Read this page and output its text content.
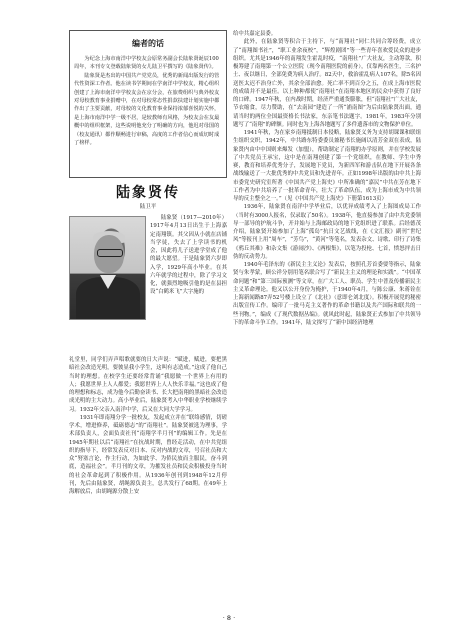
编者的话

为纪念上海市南洋中学校友会原常务副会长陆象贤诞辰100周年，本刊专文登载陆象贤的女儿陆卫平撰写的《陆象贤传》。

陆象贤是杰出的中国共产党党员，优秀的新闻出版发行的管代性资深工作者。他在读书学期间在学南洋中学校友，精心组织创建了上海市南洋中学校友会在京分会，在旅费组织与典外校友对母校教育事业捐赠中，在对母校常态性捐款扶建计划实施中都作出了主要贡献，对母校的文化教育事业保持浓郁喜悦的关怀，是上海市南洋中学一级不居，是较教师有风格，为校友会在友最概中的组织框架，这些说明他充分了明确的方向，他迟对母国的（校友通讯）都作顺畅进行审稿，高度的工作者信心而成切时成了榜样。

陆象贤传
陆卫平

陆象贤（1917—2010年）1917年4月13日出生于上海嘉定南翔镇。其父因从小就在店铺当学徒，失去了上学读书的机会，因此将儿子送进学堂成了他的最大愿望。于是陆象贤六岁即入学，1929年高小毕业。在其六年就学的过程中，除了学习文化，就强烈地吸引他的是在县担设“白鹤米飞”大字施的

礼堂里，同学们弄声唱歌就要的日大声说：“赋进，赋进，要把黑暗社会改造光明，要彼显我小学生，这叫有志造成。”这成了他自己当时的理想。在校学生还要经常背诵“我愿做一个世界上有用的人；我愿世界上人人都爱；我愿世界上人人快乐幸福。”这也成了他的理想和标志，成为他今后勤奋读书、长大把南翔的黑暗社会改造成光明的主大动力。高小毕业后，陆象贤考入中华职业学校继续学习。1932年父亲入南洋中学，后又在大同大学学习。

1931年即南翔分学一批校友，发起成立并在“联络感情，切磋学术，增进修养，砥砺德志”的“南翔社”。陆象贤被选为理事，学术部负责人，会面负责社刊“南翔学半月刊”的编辑工作。先是在1945年期社以后“南翔社”在抗战时期，曾经走活动，在中共党组织的指导下，经常发表反对日本、反对内战的文章，号召社员和大众“努塞言论，作主行动，为如此学、为侨民放而主服民，奋斗到底，造福社会”。半月刊的文章，为摧发社员和民众积极投身当时的社会革命起到了积极作用。从1936年创刊到1948年12月停刊，先后由陆象贤，胡绳源负责主，总共发行了68期。在49年上海解放后，由胡绳源分散上安

给中共嘉定县委。

此外，在陆象贤等积合于主持下，与“南翔社”同仁共同合筹经费，成立了“南翔图书社”，“职工业余夜校”，“辉煌剧团”等一些青年喜欢爱民众的进步组织。尤其是1946年的南翔发生霍乱时疫，“南翔社”广大社友，主动筹款，积极筹建了南翔第一个公立医院（现今南翔医院的前身），仅靠两名医生，三名护士、夜以继日，全部免费为病人治疗。82天中，救治霍乱病人107名，除5名因送医太迟不治身亡外，其余全部治愈。死亡率不到百分之五，在成上海市医院的成绩并不是最佳。以上种种都使“南翔社”在南翔本地区的民众中获得了良好的口碑。1947年秋，在内战时期，经济严重通货膨胀，但“南翔社”广大社友，节衣缩食，尽力赞助，在“去南园”建造了一所“浦南图”为后由陆象贤出面，通请当时的两位全国最资格长书法家，东亲笔书法题字。1981年，1983年分别题写了“南翔”的碑额。同时也为上海各地题写了多件遗落市的文物保护单位。

1941年秋，为在家乡南翔抵制日本侵略，陆象贤义务为支持胡课课和联组生组织交织，1942年，中共路东特委委员兼秘书长施阔以清芳金双在表成，陆象贤内由中中国则来爆发（加盟），帮助制定了南翔的办学原则，并在学校发展了中共党员王承宝，这中是在南翔创建了第一个党组织，在教师、学生中秀赛，教育和培养优秀分子，发展地下党员，为新四军和游击队在地下开展各条战线输送了一大批优秀的中共党员和先进青年。正如1998年出版的由中共上海市委党史研究室所著《中国共产党上海史》中所准确的“嘉民”中共在芳在地下工作者为中共培养了一批革命青年，壮大了革命队伍，成为上海市成为中共领导的反主整全之一。”（见《中国共产党上海史》下册第1613页）

1936年，陆象贤在南洋中学毕业后，以优异成绩考入了上海图成局工作（当时有3000人报名，仅录取了50名）。1938年，他直接参加了由中共党委领导一部导的护航斗争，开并始与上海邮政局的地下党组织进了联系。后经德茂介绍，陆象贤开始参加了上海“孤岛”抗日文艺战线，在《文汇报》副刊“世纪风”等报刊上用“周车”，“芳鸟”，“黄河”等笔名，发表杂文、诗歌、印行了诗集《鸦丘其难》和杂文集《游闹沙》、《两根集》，以笔为投枪、七首，愤怒抨击日伪的反动势力。

1940年毛泽东的《新民主主义论》发表后，按照孔芳首委要等指示，陆象贤与朱孝蒙，顾公祥分别用笔名联合写了“新民主主义的理论和实践”。“中国革命问题”和“第三国际预测”等文章，在广大工人、职员、学生中普及传播新民主主义革命理论。他又以公开身份为掩护，于1940年4月，与陈公康、朱蒋铨在上海新闻路87弄52号楼上设立了《北社》（意即仑刘北度）。积极开展党的秘密出版宣传工作。编印了一批马克主义著作的革命书籍以及共产国际和联共的一些刊物。”，编成《了现代数据丛编》。就风此时起，陆象贤正式参加了中共领导下的革命斗争工作。1941年，陆文探写了“新中国经济地理

· 8 ·
